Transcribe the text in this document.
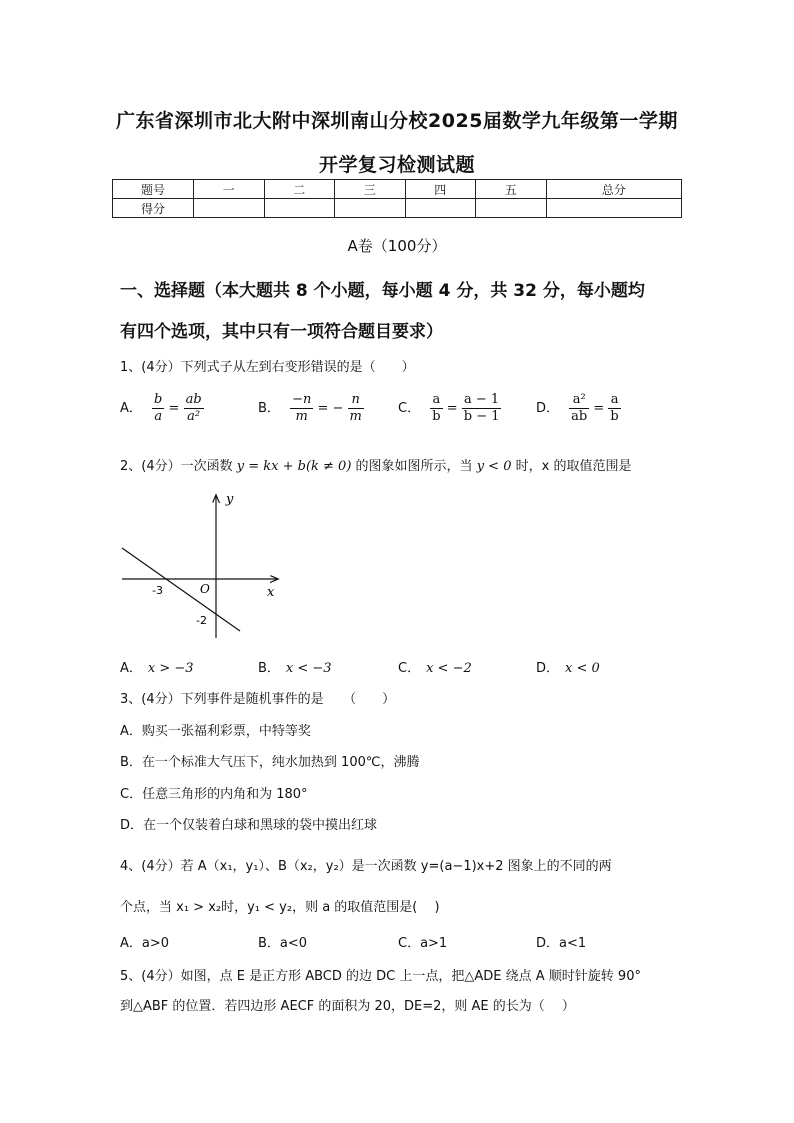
广东省深圳市北大附中深圳南山分校2025届数学九年级第一学期
开学复习检测试题
题号	一	二	三	四	五	总分
得分						
A卷（100分）
一、选择题（本大题共 8 个小题，每小题 4 分，共 32 分，每小题均
有四个选项，其中只有一项符合题目要求）
1、(4分）下列式子从左到右变形错误的是（　　）
A． $\frac{b}{a} = \frac{ab}{\text{a²}}$	B． $\frac{-n}{m}$ = − $\frac{n}{m}$	C． $\frac{a}{b} = \frac{a - 1}{b - 1}$	D． $\frac{\text{a²}}{ab} = \frac{a}{b}$
2、(4分）一次函数 y = kx + b(k ≠ 0) 的图象如图所示，当 y < 0 时，x 的取值范围是
y
x
O
-3
-2
A． x > −3	B． x < −3	C． x < −2	D． x < 0
3、(4分）下列事件是随机事件的是　　（　　）
A．购买一张福利彩票，中特等奖
B．在一个标准大气压下，纯水加热到 100℃，沸腾
C．任意三角形的内角和为 180°
D．在一个仅装着白球和黑球的袋中摸出红球
4、(4分）若 A（x₁，y₁）、B（x₂，y₂）是一次函数 y=(a−1)x+2 图象上的不同的两
个点，当 x₁ > x₂时，y₁ < y₂，则 a 的取值范围是(　 )
A．a>0	B．a<0	C．a>1	D．a<1
5、(4分）如图，点 E 是正方形 ABCD 的边 DC 上一点，把△ADE 绕点 A 顺时针旋转 90°
到△ABF 的位置．若四边形 AECF 的面积为 20，DE=2，则 AE 的长为（　 ）
